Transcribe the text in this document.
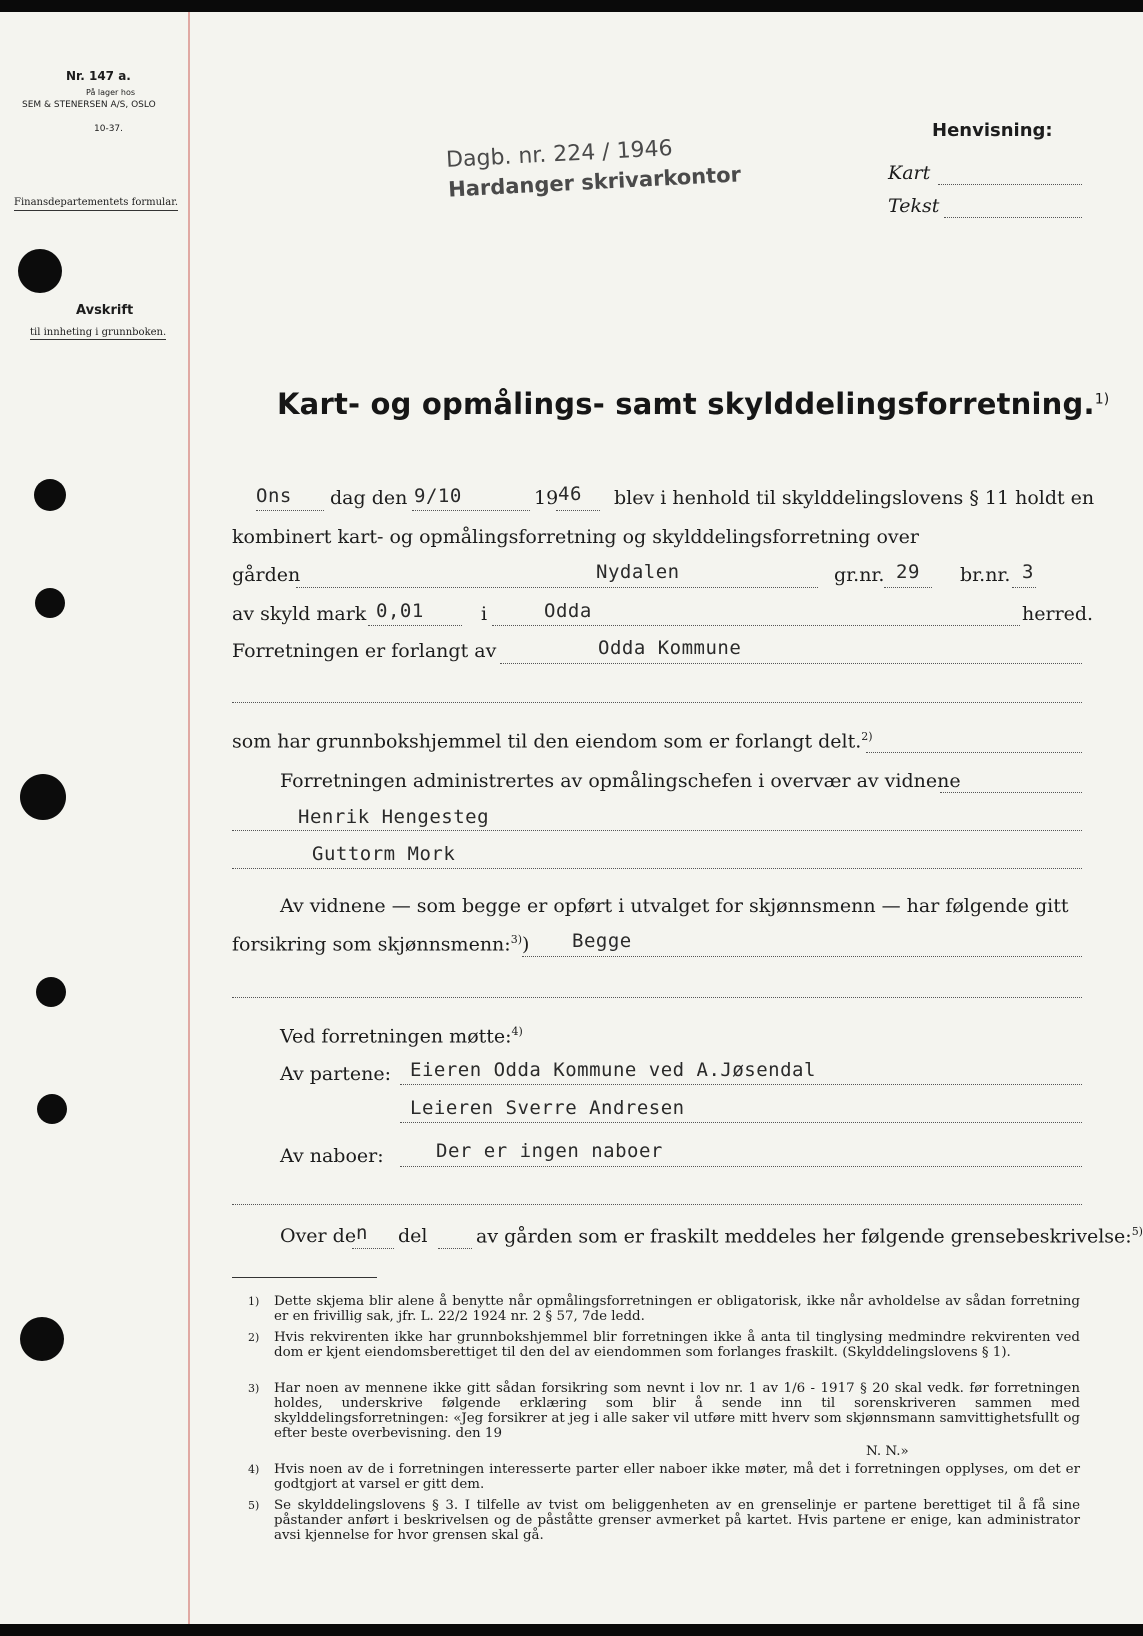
Nr. 147 a.
På lager hos
SEM & STENERSEN A/S, OSLO
10-37.
Finansdepartementets formular.
Avskrift
til innheting i grunnboken.
Dagb. nr. 224 / 1946
Hardanger skrivarkontor
Henvisning:
Kart
Tekst
Kart- og opmålings- samt skylddelingsforretning.$^{1)}$
Ons dag den 9/10	19 46 blev i henhold til skylddelingslovens § 11 holdt en
kombinert kart- og opmålingsforretning og skylddelingsforretning over
gården	Nydalen	gr.nr. 29 br.nr. 3
av skyld mark 0,01	i	Odda	herred.
Forretningen er forlangt av	Odda Kommune
som har grunnbokshjemmel til den eiendom som er forlangt delt.$^{2)}$
Forretningen administrertes av opmålingschefen i overvær av vidnene
Henrik Hengesteg
Guttorm Mork
Av vidnene — som begge er opført i utvalget for skjønnsmenn — har følgende gitt
forsikring som skjønnsmenn:$^{3)}$) Begge
Ved forretningen møtte:$^{4)}$
Av partene: Eieren Odda Kommune ved A.Jøsendal
Leieren Sverre Andresen
Av naboer:	Der er ingen naboer
Over de n del	av gården som er fraskilt meddeles her følgende grensebeskrivelse:$^{5)}$
1) Dette skjema blir alene å benytte når opmålingsforretningen er obligatorisk, ikke når avholdelse av sådan forretning er en frivillig sak, jfr. L. 22/2 1924 nr. 2 § 57, 7de ledd.
2) Hvis rekvirenten ikke har grunnbokshjemmel blir forretningen ikke å anta til tinglysing medmindre rekvirenten ved dom er kjent eiendomsberettiget til den del av eiendommen som forlanges fraskilt. (Skylddelingslovens § 1).
3) Har noen av mennene ikke gitt sådan forsikring som nevnt i lov nr. 1 av 1/6 - 1917 § 20 skal vedk. før forretningen holdes, underskrive følgende erklæring som blir å sende inn til sorenskriveren sammen med skylddelingsforretningen: «Jeg forsikrer at jeg i alle saker vil utføre mitt hverv som skjønnsmann samvittighetsfullt og efter beste overbevisning. den 19
N. N.»
4) Hvis noen av de i forretningen interesserte parter eller naboer ikke møter, må det i forretningen opplyses, om det er godtgjort at varsel er gitt dem.
5) Se skylddelingslovens § 3. I tilfelle av tvist om beliggenheten av en grenselinje er partene berettiget til å få sine påstander anført i beskrivelsen og de påståtte grenser avmerket på kartet. Hvis partene er enige, kan administrator avsi kjennelse for hvor grensen skal gå.
